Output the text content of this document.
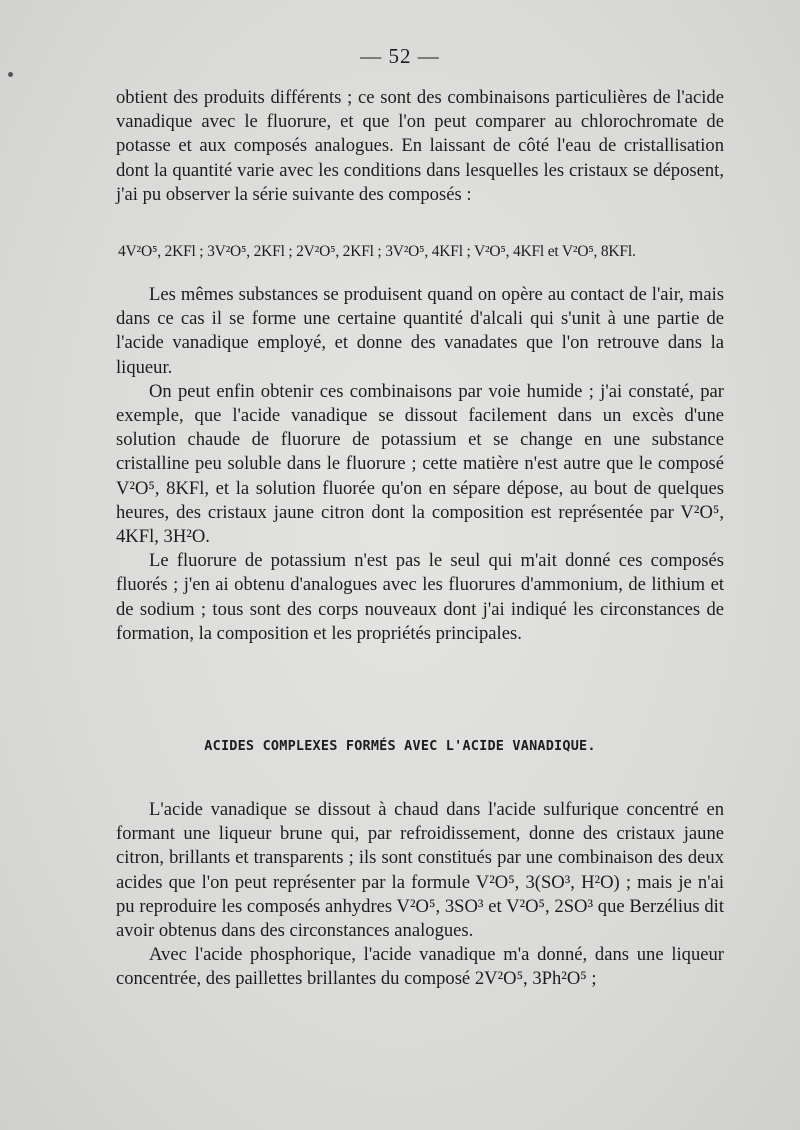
— 52 —

obtient des produits différents ; ce sont des combinaisons particulières de l'acide vanadique avec le fluorure, et que l'on peut comparer au chlorochromate de potasse et aux composés analogues. En laissant de côté l'eau de cristallisation dont la quantité varie avec les conditions dans lesquelles les cristaux se déposent, j'ai pu observer la série suivante des composés :

4V²O⁵, 2KFl ; 3V²O⁵, 2KFl ; 2V²O⁵, 2KFl ; 3V²O⁵, 4KFl ; V²O⁵, 4KFl et V²O⁵, 8KFl.

Les mêmes substances se produisent quand on opère au contact de l'air, mais dans ce cas il se forme une certaine quantité d'alcali qui s'unit à une partie de l'acide vanadique employé, et donne des vanadates que l'on retrouve dans la liqueur.

On peut enfin obtenir ces combinaisons par voie humide ; j'ai constaté, par exemple, que l'acide vanadique se dissout facilement dans un excès d'une solution chaude de fluorure de potassium et se change en une substance cristalline peu soluble dans le fluorure ; cette matière n'est autre que le composé V²O⁵, 8KFl, et la solution fluorée qu'on en sépare dépose, au bout de quelques heures, des cristaux jaune citron dont la composition est représentée par V²O⁵, 4KFl, 3H²O.

Le fluorure de potassium n'est pas le seul qui m'ait donné ces composés fluorés ; j'en ai obtenu d'analogues avec les fluorures d'ammonium, de lithium et de sodium ; tous sont des corps nouveaux dont j'ai indiqué les circonstances de formation, la composition et les propriétés principales.

ACIDES COMPLEXES FORMÉS AVEC L'ACIDE VANADIQUE.

L'acide vanadique se dissout à chaud dans l'acide sulfurique concentré en formant une liqueur brune qui, par refroidissement, donne des cristaux jaune citron, brillants et transparents ; ils sont constitués par une combinaison des deux acides que l'on peut représenter par la formule V²O⁵, 3(SO³, H²O) ; mais je n'ai pu reproduire les composés anhydres V²O⁵, 3SO³ et V²O⁵, 2SO³ que Berzélius dit avoir obtenus dans des circonstances analogues.

Avec l'acide phosphorique, l'acide vanadique m'a donné, dans une liqueur concentrée, des paillettes brillantes du composé 2V²O⁵, 3Ph²O⁵ ;
